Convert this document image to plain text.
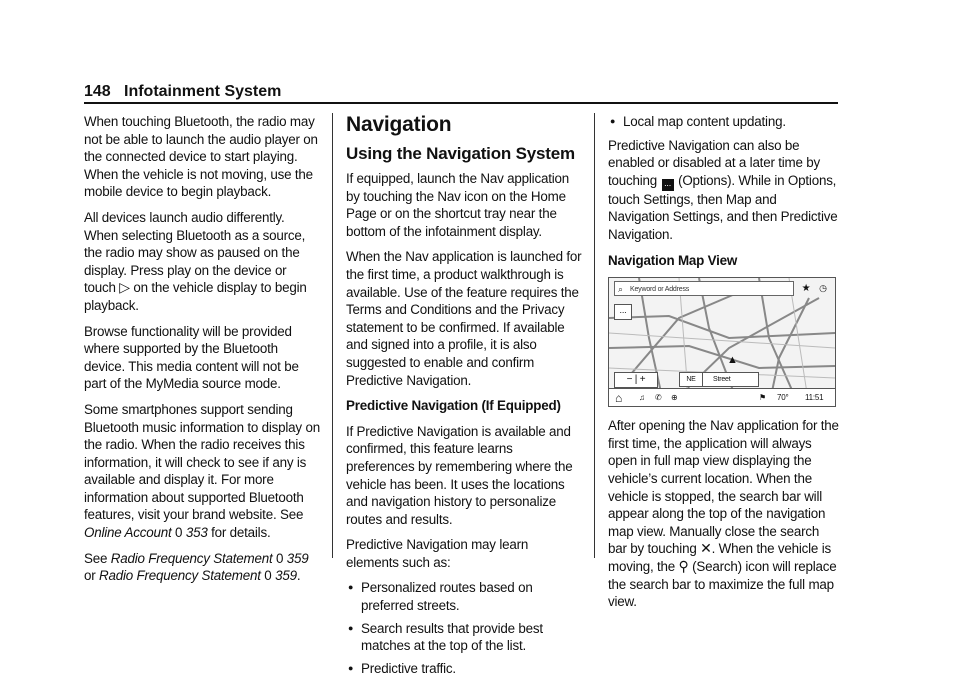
148 Infotainment System

When touching Bluetooth, the radio may not be able to launch the audio player on the connected device to start playing. When the vehicle is not moving, use the mobile device to begin playback.

All devices launch audio differently. When selecting Bluetooth as a source, the radio may show as paused on the display. Press play on the device or touch ▷ on the vehicle display to begin playback.

Browse functionality will be provided where supported by the Bluetooth device. This media content will not be part of the MyMedia source mode.

Some smartphones support sending Bluetooth music information to display on the radio. When the radio receives this information, it will check to see if any is available and display it. For more information about supported Bluetooth features, visit your brand website. See Online Account 0 353 for details.

See Radio Frequency Statement 0 359 or Radio Frequency Statement 0 359.

Navigation
Using the Navigation System

If equipped, launch the Nav application by touching the Nav icon on the Home Page or on the shortcut tray near the bottom of the infotainment display.

When the Nav application is launched for the first time, a product walkthrough is available. Use of the feature requires the Terms and Conditions and the Privacy statement to be confirmed. If available and signed into a profile, it is also suggested to enable and confirm Predictive Navigation.

Predictive Navigation (If Equipped)

If Predictive Navigation is available and confirmed, this feature learns preferences by remembering where the vehicle has been. It uses the locations and navigation history to personalize routes and results.

Predictive Navigation may learn elements such as:

● Personalized routes based on preferred streets.
● Search results that provide best matches at the top of the list.
● Predictive traffic.
● Local map content updating.

Predictive Navigation can also be enabled or disabled at a later time by touching ... (Options). While in Options, touch Settings, then Map and Navigation Settings, and then Predictive Navigation.

Navigation Map View

⌕ Keyword or Address	★ ◷
...
▲
− | +	NE Street
⌂ ♫ ✆ ⊕	⚑ 70° 11:51

After opening the Nav application for the first time, the application will always open in full map view displaying the vehicle’s current location. When the vehicle is stopped, the search bar will appear along the top of the navigation map view. Manually close the search bar by touching ✕. When the vehicle is moving, the ⚲ (Search) icon will replace the search bar to maximize the full map view.
